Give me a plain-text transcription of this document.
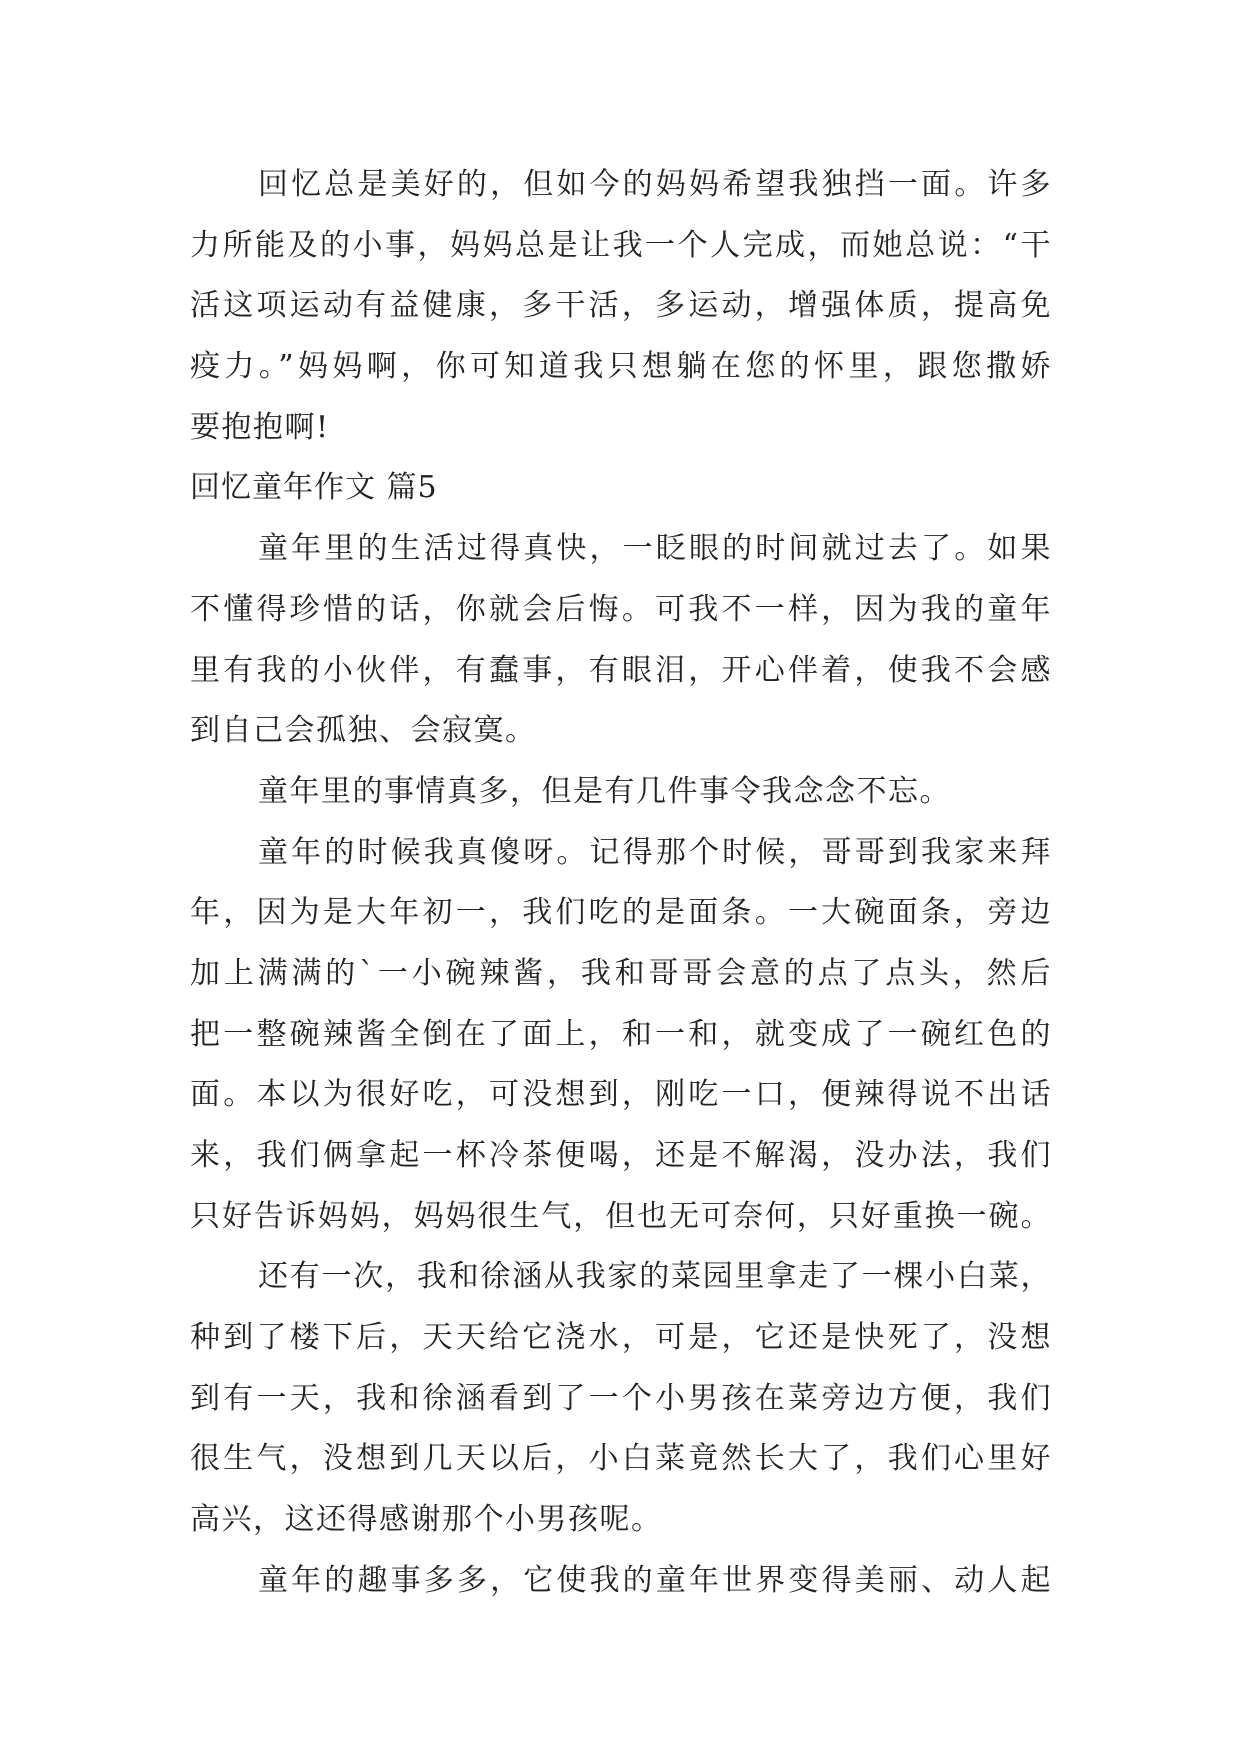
回忆总是美好的，但如今的妈妈希望我独挡一面。许多
力所能及的小事，妈妈总是让我一个人完成，而她总说：“干
活这项运动有益健康，多干活，多运动，增强体质，提高免
疫力。”妈妈啊，你可知道我只想躺在您的怀里，跟您撒娇
要抱抱啊!
回忆童年作文 篇5
童年里的生活过得真快，一眨眼的时间就过去了。如果
不懂得珍惜的话，你就会后悔。可我不一样，因为我的童年
里有我的小伙伴，有蠢事，有眼泪，开心伴着，使我不会感
到自己会孤独、会寂寞。
童年里的事情真多，但是有几件事令我念念不忘。
童年的时候我真傻呀。记得那个时候，哥哥到我家来拜
年，因为是大年初一，我们吃的是面条。一大碗面条，旁边
加上满满的`一小碗辣酱，我和哥哥会意的点了点头，然后
把一整碗辣酱全倒在了面上，和一和，就变成了一碗红色的
面。本以为很好吃，可没想到，刚吃一口，便辣得说不出话
来，我们俩拿起一杯冷茶便喝，还是不解渴，没办法，我们
只好告诉妈妈，妈妈很生气，但也无可奈何，只好重换一碗。
还有一次，我和徐涵从我家的菜园里拿走了一棵小白菜，
种到了楼下后，天天给它浇水，可是，它还是快死了，没想
到有一天，我和徐涵看到了一个小男孩在菜旁边方便，我们
很生气，没想到几天以后，小白菜竟然长大了，我们心里好
高兴，这还得感谢那个小男孩呢。
童年的趣事多多，它使我的童年世界变得美丽、动人起
